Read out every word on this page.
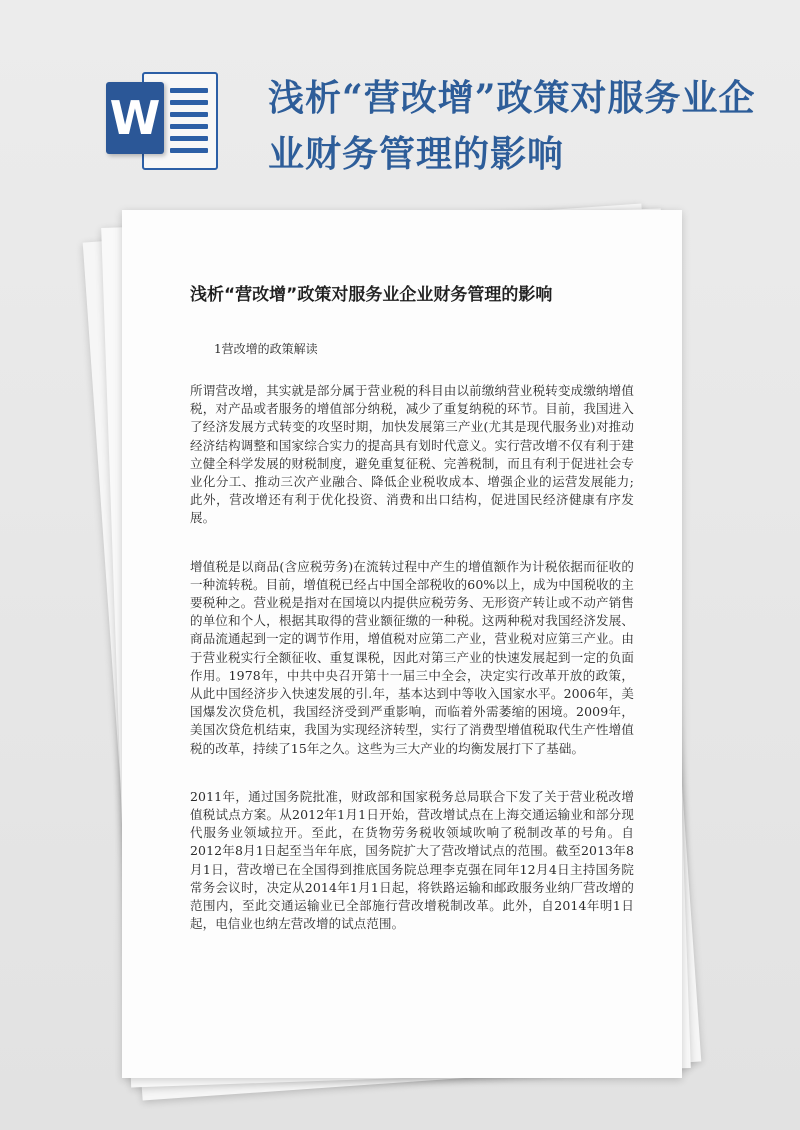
W	浅析“营改增”政策对服务业企业财务管理的影响
浅析“营改增”政策对服务业企业财务管理的影响

1营改增的政策解读

所谓营改增，其实就是部分属于营业税的科目由以前缴纳营业税转变成缴纳增值税，对产品或者服务的增值部分纳税，减少了重复纳税的环节。目前，我国进入了经济发展方式转变的攻坚时期，加快发展第三产业(尤其是现代服务业)对推动经济结构调整和国家综合实力的提高具有划时代意义。实行营改增不仅有利于建立健全科学发展的财税制度，避免重复征税、完善税制，而且有利于促进社会专业化分工、推动三次产业融合、降低企业税收成本、增强企业的运营发展能力;此外，营改增还有利于优化投资、消费和出口结构，促进国民经济健康有序发展。

增值税是以商品(含应税劳务)在流转过程中产生的增值额作为计税依据而征收的一种流转税。目前，增值税已经占中国全部税收的60%以上，成为中国税收的主要税种之。营业税是指对在国境以内提供应税劳务、无形资产转让或不动产销售的单位和个人，根据其取得的营业额征缴的一种税。这两种税对我国经济发展、商品流通起到一定的调节作用，增值税对应第二产业，营业税对应第三产业。由于营业税实行全额征收、重复课税，因此对第三产业的快速发展起到一定的负面作用。1978年，中共中央召开第十一届三中全会，决定实行改革开放的政策，从此中国经济步入快速发展的引.年，基本达到中等收入国家水平。2006年，美国爆发次贷危机，我国经济受到严重影响，而临着外需萎缩的困境。2009年，美国次贷危机结束，我国为实现经济转型，实行了消费型增值税取代生产性增值税的改革，持续了15年之久。这些为三大产业的均衡发展打下了基础。

2011年，通过国务院批准，财政部和国家税务总局联合下发了关于营业税改增值税试点方案。从2012年1月1日开始，营改增试点在上海交通运输业和部分现代服务业领域拉开。至此，在货物劳务税收领域吹响了税制改革的号角。自2012年8月1日起至当年年底，国务院扩大了营改增试点的范围。截至2013年8月1日，营改增已在全国得到推底国务院总理李克强在同年12月4日主持国务院常务会议时，决定从2014年1月1日起，将铁路运输和邮政服务业纳厂营改增的范围内，至此交通运输业已全部施行营改增税制改革。此外，自2014年明1日起，电信业也纳左营改增的试点范围。
